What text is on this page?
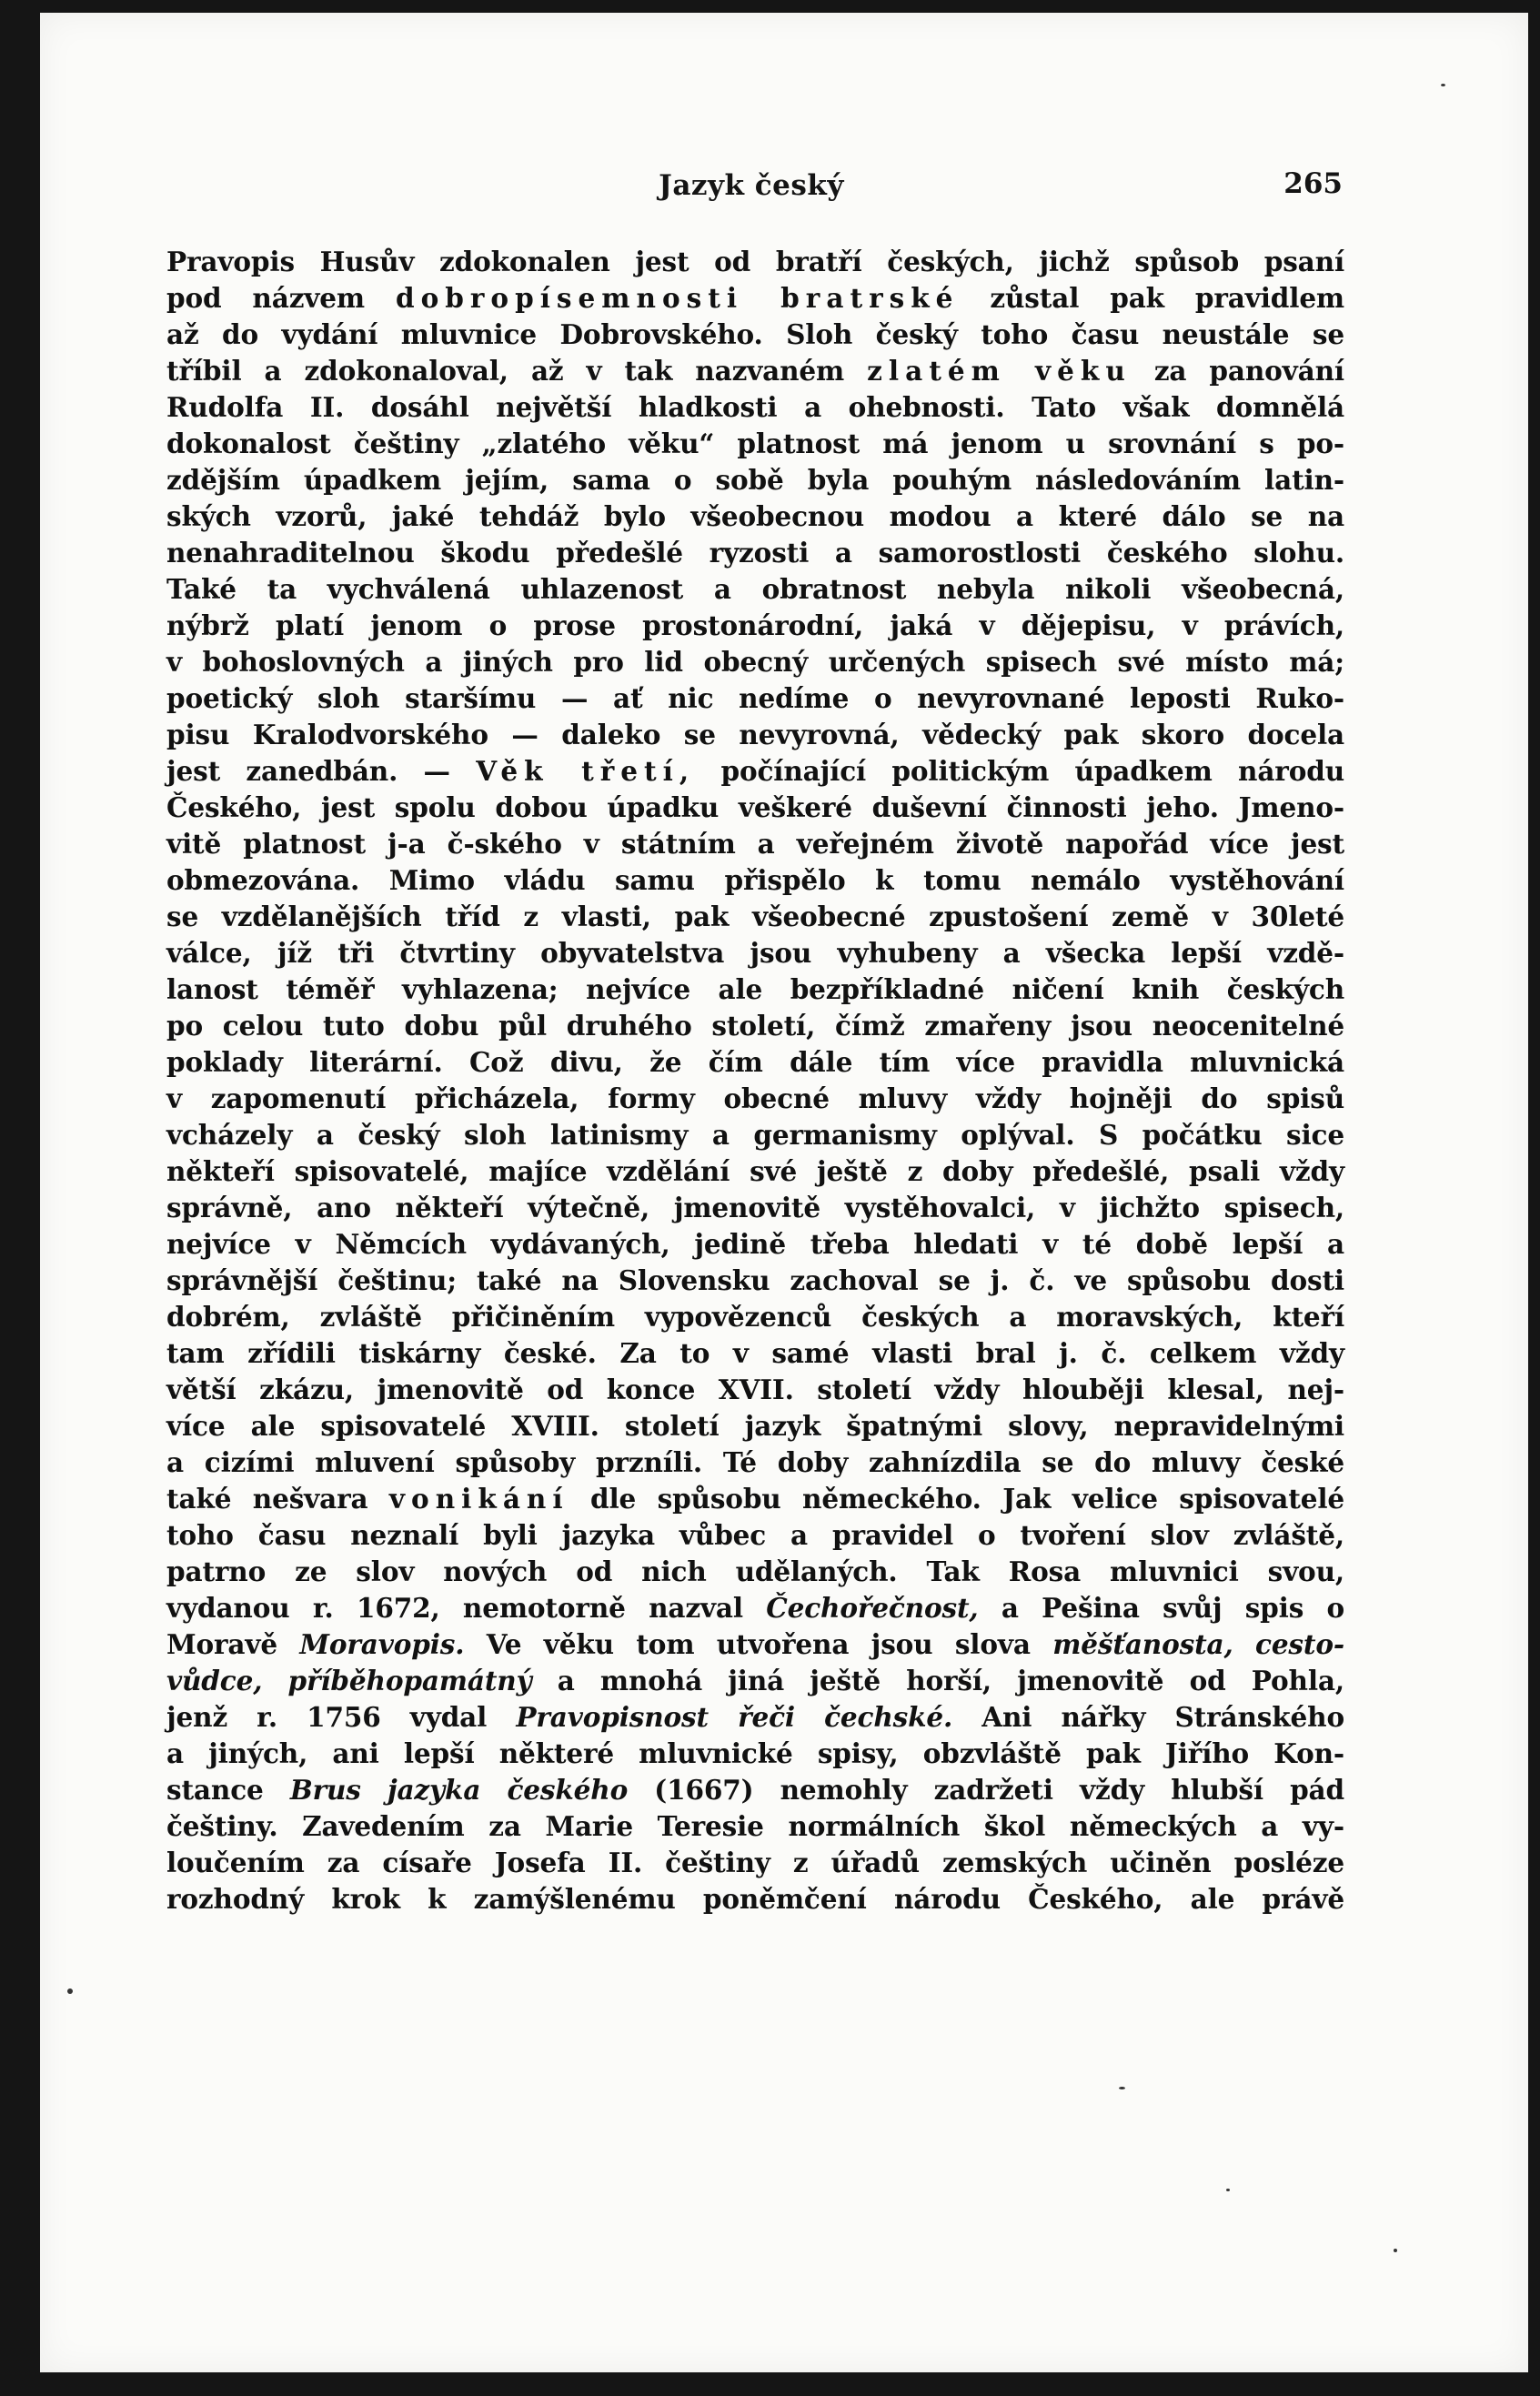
Jazyk český	265
Pravopis Husův zdokonalen jest od bratří českých, jichž spůsob psaní
pod názvem dobropísemnosti bratrské zůstal pak pravidlem
až do vydání mluvnice Dobrovského. Sloh český toho času neustále se
tříbil a zdokonaloval, až v tak nazvaném zlatém věku za panování
Rudolfa II. dosáhl největší hladkosti a ohebnosti. Tato však domnělá
dokonalost češtiny „zlatého věku“ platnost má jenom u srovnání s po-
zdějším úpadkem jejím, sama o sobě byla pouhým následováním latin-
ských vzorů, jaké tehdáž bylo všeobecnou modou a které dálo se na
nenahraditelnou škodu předešlé ryzosti a samorostlosti českého slohu.
Také ta vychválená uhlazenost a obratnost nebyla nikoli všeobecná,
nýbrž platí jenom o prose prostonárodní, jaká v dějepisu, v právích,
v bohoslovných a jiných pro lid obecný určených spisech své místo má;
poetický sloh staršímu — ať nic nedíme o nevyrovnané leposti Ruko-
pisu Kralodvorského — daleko se nevyrovná, vědecký pak skoro docela
jest zanedbán. — Věk třetí, počínající politickým úpadkem národu
Českého, jest spolu dobou úpadku veškeré duševní činnosti jeho. Jmeno-
vitě platnost j-a č-ského v státním a veřejném životě napořád více jest
obmezována. Mimo vládu samu přispělo k tomu nemálo vystěhování
se vzdělanějších tříd z vlasti, pak všeobecné zpustošení země v 30leté
válce, jíž tři čtvrtiny obyvatelstva jsou vyhubeny a všecka lepší vzdě-
lanost téměř vyhlazena; nejvíce ale bezpříkladné ničení knih českých
po celou tuto dobu půl druhého století, čímž zmařeny jsou neocenitelné
poklady literární. Což divu, že čím dále tím více pravidla mluvnická
v zapomenutí přicházela, formy obecné mluvy vždy hojněji do spisů
vcházely a český sloh latinismy a germanismy oplýval. S počátku sice
někteří spisovatelé, majíce vzdělání své ještě z doby předešlé, psali vždy
správně, ano někteří výtečně, jmenovitě vystěhovalci, v jichžto spisech,
nejvíce v Němcích vydávaných, jedině třeba hledati v té době lepší a
správnější češtinu; také na Slovensku zachoval se j. č. ve spůsobu dosti
dobrém, zvláště přičiněním vypovězenců českých a moravských, kteří
tam zřídili tiskárny české. Za to v samé vlasti bral j. č. celkem vždy
větší zkázu, jmenovitě od konce XVII. století vždy hlouběji klesal, nej-
více ale spisovatelé XVIII. století jazyk špatnými slovy, nepravidelnými
a cizími mluvení spůsoby przníli. Té doby zahnízdila se do mluvy české
také nešvara vonikání dle spůsobu německého. Jak velice spisovatelé
toho času neznalí byli jazyka vůbec a pravidel o tvoření slov zvláště,
patrno ze slov nových od nich udělaných. Tak Rosa mluvnici svou,
vydanou r. 1672, nemotorně nazval Čechořečnost, a Pešina svůj spis o
Moravě Moravopis. Ve věku tom utvořena jsou slova měšťanosta, cesto-
vůdce, příběhopamátný a mnohá jiná ještě horší, jmenovitě od Pohla,
jenž r. 1756 vydal Pravopisnost řeči čechské. Ani nářky Stránského
a jiných, ani lepší některé mluvnické spisy, obzvláště pak Jiřího Kon-
stance Brus jazyka českého (1667) nemohly zadržeti vždy hlubší pád
češtiny. Zavedením za Marie Teresie normálních škol německých a vy-
loučením za císaře Josefa II. češtiny z úřadů zemských učiněn posléze
rozhodný krok k zamýšlenému poněmčení národu Českého, ale právě
